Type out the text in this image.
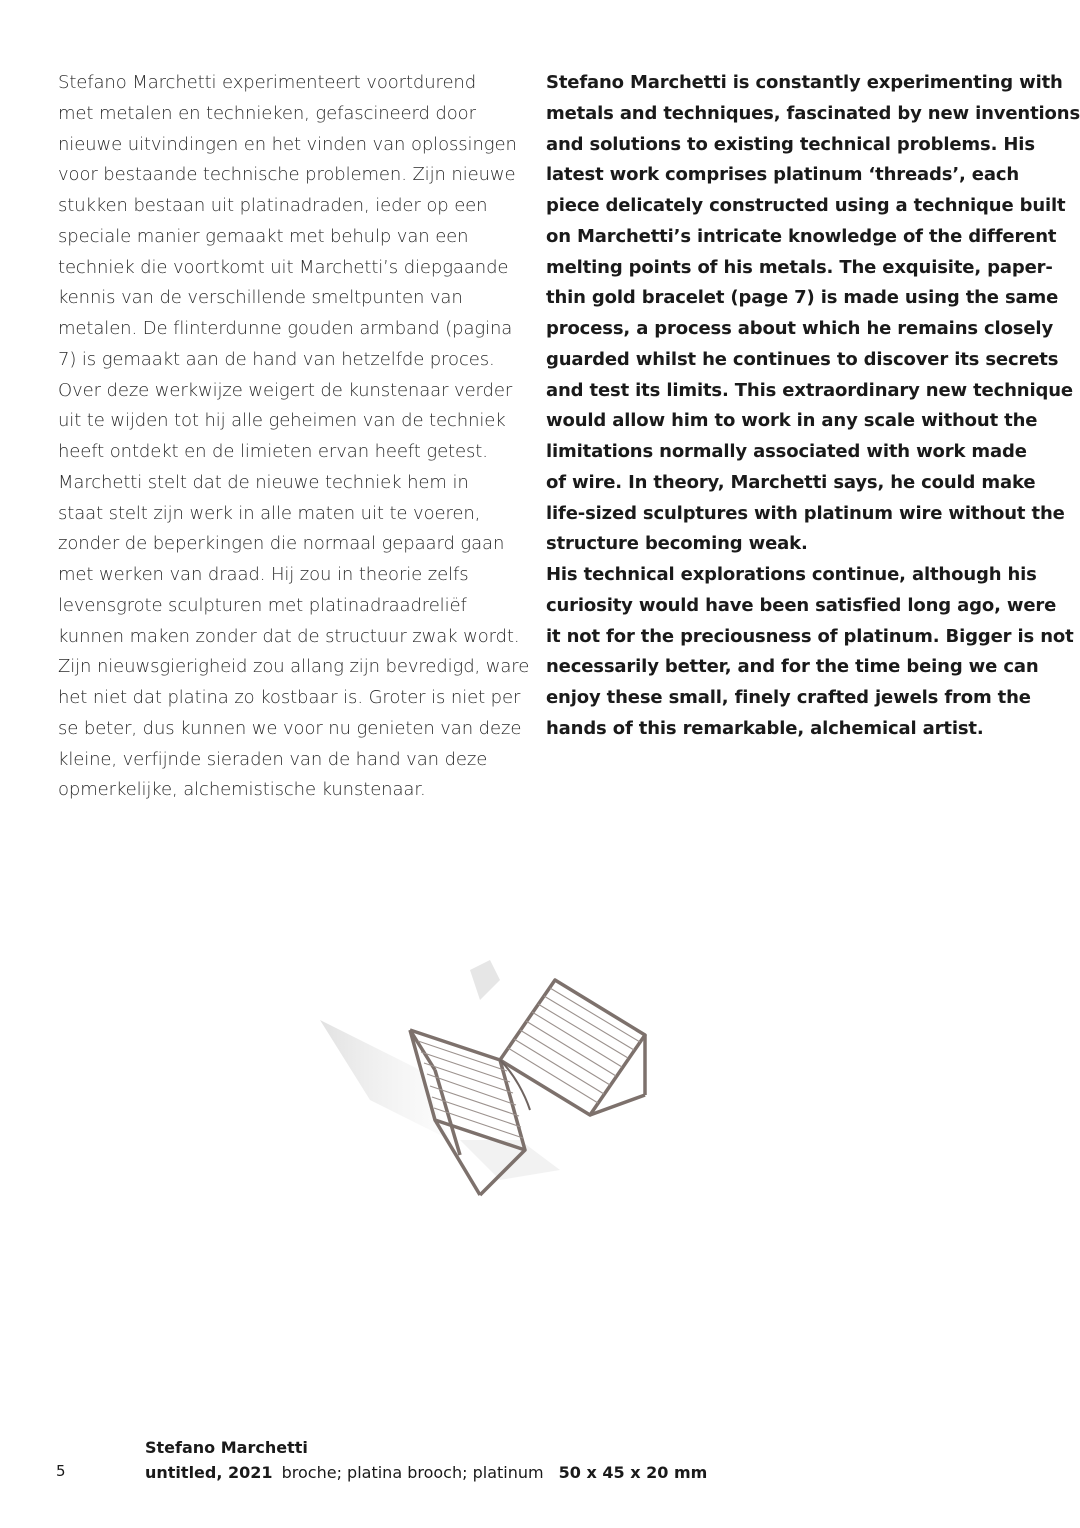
Stefano Marchetti experimenteert voortdurend
met metalen en technieken, gefascineerd door
nieuwe uitvindingen en het vinden van oplossingen
voor bestaande technische problemen. Zijn nieuwe
stukken bestaan uit platinadraden, ieder op een
speciale manier gemaakt met behulp van een
techniek die voortkomt uit Marchetti’s diepgaande
kennis van de verschillende smeltpunten van
metalen. De flinterdunne gouden armband (pagina
7) is gemaakt aan de hand van hetzelfde proces.
Over deze werkwijze weigert de kunstenaar verder
uit te wijden tot hij alle geheimen van de techniek
heeft ontdekt en de limieten ervan heeft getest.
Marchetti stelt dat de nieuwe techniek hem in
staat stelt zijn werk in alle maten uit te voeren,
zonder de beperkingen die normaal gepaard gaan
met werken van draad. Hij zou in theorie zelfs
levensgrote sculpturen met platinadraadreliëf
kunnen maken zonder dat de structuur zwak wordt.
Zijn nieuwsgierigheid zou allang zijn bevredigd, ware
het niet dat platina zo kostbaar is. Groter is niet per
se beter, dus kunnen we voor nu genieten van deze
kleine, verfijnde sieraden van de hand van deze
opmerkelijke, alchemistische kunstenaar.
Stefano Marchetti is constantly experimenting with
metals and techniques, fascinated by new inventions
and solutions to existing technical problems. His
latest work comprises platinum ‘threads’, each
piece delicately constructed using a technique built
on Marchetti’s intricate knowledge of the different
melting points of his metals. The exquisite, paper-
thin gold bracelet (page 7) is made using the same
process, a process about which he remains closely
guarded whilst he continues to discover its secrets
and test its limits. This extraordinary new technique
would allow him to work in any scale without the
limitations normally associated with work made
of wire. In theory, Marchetti says, he could make
life-sized sculptures with platinum wire without the
structure becoming weak.
His technical explorations continue, although his
curiosity would have been satisfied long ago, were
it not for the preciousness of platinum. Bigger is not
necessarily better, and for the time being we can
enjoy these small, finely crafted jewels from the
hands of this remarkable, alchemical artist.
Stefano Marchetti
untitled, 2021 broche; platina brooch; platinum 50 x 45 x 20 mm
5
